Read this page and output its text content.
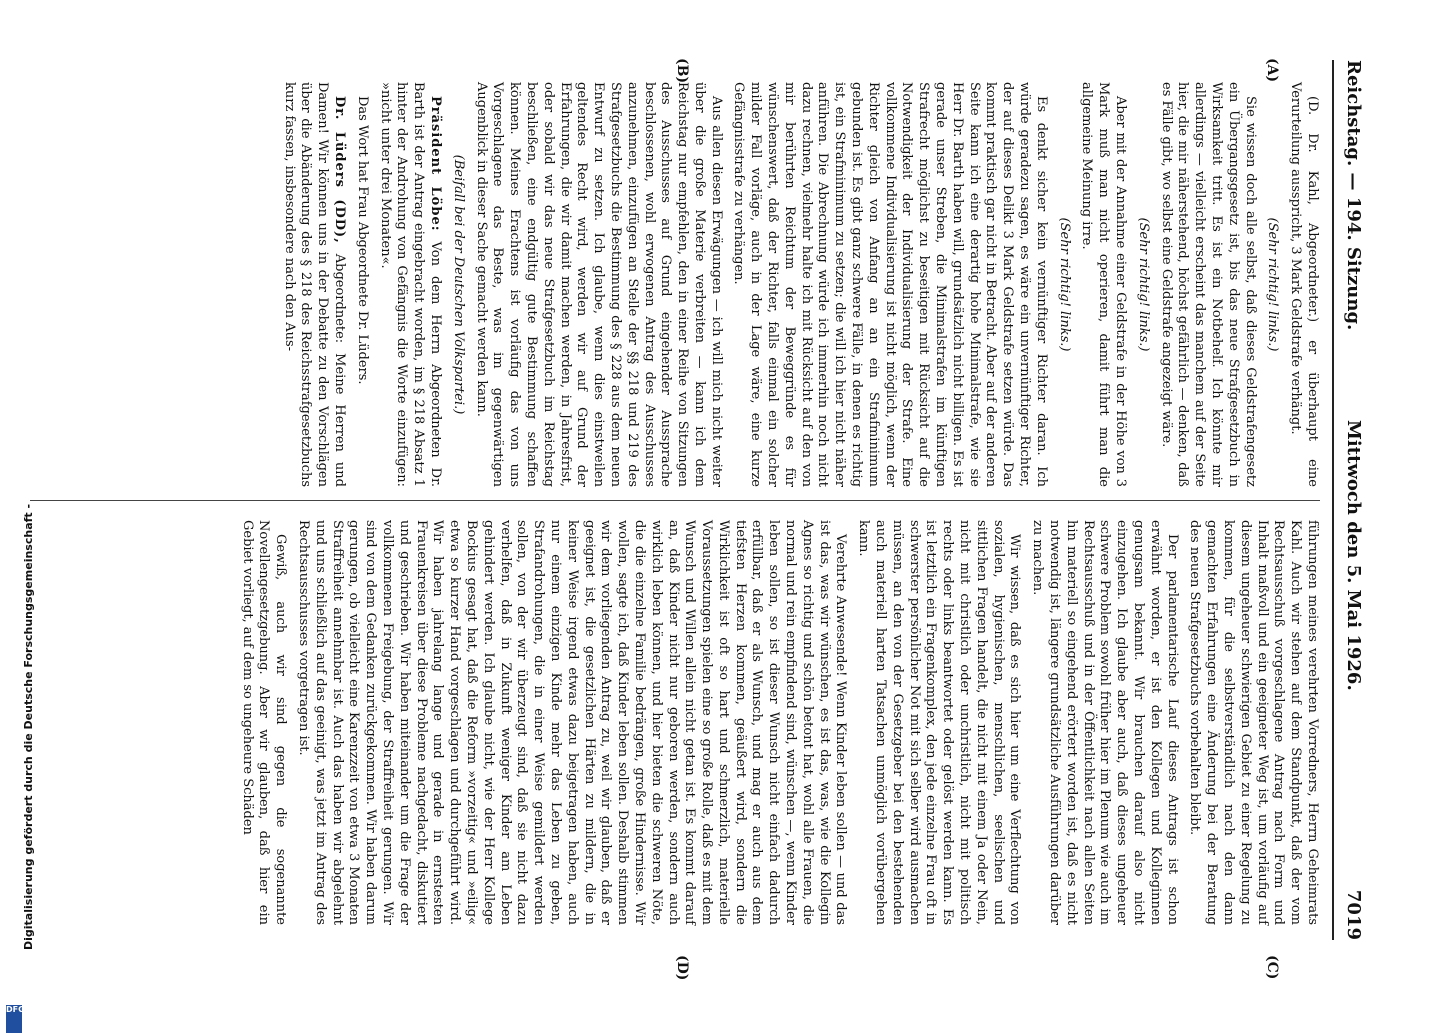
Reichstag. — 194. Sitzung.
Mittwoch den 5. Mai 1926.
7019
(A)
(B)
(C)
(D)

(D. Dr. Kahl, Abgeordneter.) er überhaupt eine Verurteilung ausspricht, 3 Mark Geldstrafe verhängt.

(Sehr richtig! links.)

Sie wissen doch alle selbst, daß dieses Geldstrafengesetz ein Übergangsgesetz ist, bis das neue Strafgesetzbuch in Wirksamkeit tritt. Es ist ein Notbehelf. Ich könnte mir allerdings — vielleicht erscheint das manchem auf der Seite hier, die mir näherstehend, höchst gefährlich — denken, daß es Fälle gibt, wo selbst eine Geldstrafe angezeigt wäre.

(Sehr richtig! links.)

Aber mit der Annahme einer Geldstrafe in der Höhe von 3 Mark muß man nicht operieren, damit führt man die allgemeine Meinung irre.

(Sehr richtig! links.)

Es denkt sicher kein vernünftiger Richter daran. Ich würde geradezu sagen, es wäre ein unvernünftiger Richter, der auf dieses Delikt 3 Mark Geldstrafe setzen würde. Das kommt praktisch gar nicht in Betracht. Aber auf der anderen Seite kann ich eine derartig hohe Minimalstrafe, wie sie Herr Dr. Barth haben will, grundsätzlich nicht billigen. Es ist gerade unser Streben, die Minimalstrafen im künftigen Strafrecht möglichst zu beseitigen mit Rücksicht auf die Notwendigkeit der Individualisierung der Strafe. Eine vollkommene Individualisierung ist nicht möglich, wenn der Richter gleich von Anfang an an ein Strafminimum gebunden ist. Es gibt ganz schwere Fälle, in denen es richtig ist, ein Strafminimum zu setzen; die will ich hier nicht näher anführen. Die Abrechnung würde ich immerhin noch nicht dazu rechnen, vielmehr halte ich mit Rücksicht auf den von mir berührten Reichtum der Beweggründe es für wünschenswert, daß der Richter, falls einmal ein solcher milder Fall vorläge, auch in der Lage wäre, eine kurze Gefängnisstrafe zu verhängen.

Aus allen diesen Erwägungen — ich will mich nicht weiter über die große Materie verbreiten — kann ich dem Reichstag nur empfehlen, den in einer Reihe von Sitzungen des Ausschusses auf Grund eingehender Aussprache beschlossenen, wohl erwogenen Antrag des Ausschusses anzunehmen, einzufügen an Stelle der §§ 218 und 219 des Strafgesetzbuchs die Bestimmung des § 228 aus dem neuen Entwurf zu setzen. Ich glaube, wenn dies einstweilen geltendes Recht wird, werden wir auf Grund der Erfahrungen, die wir damit machen werden, in Jahresfrist, oder sobald wir das neue Strafgesetzbuch im Reichstag beschließen, eine endgültig gute Bestimmung schaffen können. Meines Erachtens ist vorläufig das von uns Vorgeschlagene das Beste, was im gegenwärtigen Augenblick in dieser Sache gemacht werden kann.

(Beifall bei der Deutschen Volkspartei.)

Präsident Löbe: Von dem Herrn Abgeordneten Dr. Barth ist der Antrag eingebracht worden, im § 218 Absatz 1 hinter der Androhung von Gefängnis die Worte einzufügen: »nicht unter drei Monaten«.

Das Wort hat Frau Abgeordnete Dr. Lüders.

Dr. Lüders (DD), Abgeordnete: Meine Herren und Damen! Wir können uns in der Debatte zu den Vorschlägen über die Abänderung des § 218 des Reichsstrafgesetzbuchs kurz fassen, insbesondere nach den Aus-

führungen meines verehrten Vorredners, Herrn Geheimrats Kahl. Auch wir stehen auf dem Standpunkt, daß der vom Rechtsausschuß vorgeschlagene Antrag nach Form und Inhalt maßvoll und ein geeigneter Weg ist, um vorläufig auf diesem ungeheuer schwierigen Gebiet zu einer Regelung zu kommen, für die selbstverständlich nach den dann gemachten Erfahrungen eine Änderung bei der Beratung des neuen Strafgesetzbuchs vorbehalten bleibt.

Der parlamentarische Lauf dieses Antrags ist schon erwähnt worden, er ist den Kollegen und Kolleginnen genugsam bekannt. Wir brauchen darauf also nicht einzugehen. Ich glaube aber auch, daß dieses ungeheuer schwere Problem sowohl früher hier im Plenum wie auch im Rechtsausschuß und in der Öffentlichkeit nach allen Seiten hin materiell so eingehend erörtert worden ist, daß es nicht notwendig ist, längere grundsätzliche Ausführungen darüber zu machen.

Wir wissen, daß es sich hier um eine Verflechtung von sozialen, hygienischen, menschlichen, seelischen und sittlichen Fragen handelt, die nicht mit einem Ja oder Nein, nicht mit christlich oder unchristlich, nicht mit politisch rechts oder links beantwortet oder gelöst werden kann. Es ist letztlich ein Fragenkomplex, den jede einzelne Frau oft in schwerster persönlicher Not mit sich selber wird ausmachen müssen, an den von der Gesetzgeber bei den bestehenden auch materiell harten Tatsachen unmöglich vorübergehen kann.

Verehrte Anwesende! Wenn Kinder leben sollen — und das ist das, was wir wünschen, es ist das, was, wie die Kollegin Agnes so richtig und schön betont hat, wohl alle Frauen, die normal und rein empfindend sind, wünschen —, wenn Kinder leben sollen, so ist dieser Wunsch nicht einfach dadurch erfüllbar, daß er als Wunsch, und mag er auch aus dem tiefsten Herzen kommen, geäußert wird, sondern die Wirklichkeit ist oft so hart und schmerzlich, materielle Voraussetzungen spielen eine so große Rolle, daß es mit dem Wunsch und Willen allein nicht getan ist. Es kommt darauf an, daß Kinder nicht nur geboren werden, sondern auch wirklich leben können, und hier bieten die schweren Nöte, die die einzelne Familie bedrängen, große Hindernisse. Wir wollen, sagte ich, daß Kinder leben sollen. Deshalb stimmen wir dem vorliegenden Antrag zu, weil wir glauben, daß er geeignet ist, die gesetzlichen Härten zu mildern, die in keiner Weise irgend etwas dazu beigetragen haben, auch nur einem einzigen Kinde mehr das Leben zu geben, Strafandrohungen, die in einer Weise gemildert werden sollen, von der wir überzeugt sind, daß sie nicht dazu verhelfen, daß in Zukunft weniger Kinder am Leben gehindert werden. Ich glaube nicht, wie der Herr Kollege Bockius gesagt hat, daß die Reform »vorzeitig« und »eilig« etwa so kurzer Hand vorgeschlagen und durchgeführt wird. Wir haben jahrelang lange und gerade in ernstesten Frauenkreisen über diese Probleme nachgedacht, diskutiert und geschrieben. Wir haben miteinander um die Frage der vollkommenen Freigebung, der Straffreiheit gerungen. Wir sind von dem Gedanken zurückgekommen. Wir haben darum gerungen, ob vielleicht eine Karenzzeit von etwa 3 Monaten Straffreiheit annehmbar ist. Auch das haben wir abgelehnt und uns schließlich auf das geeinigt, was jetzt im Antrag des Rechtsausschusses vorgetragen ist.

Gewiß, auch wir sind gegen die sogenannte Novellengesetzgebung. Aber wir glauben, daß hier ein Gebiet vorliegt, auf dem so ungeheure Schäden

Digitalisierung gefördert durch die Deutsche Forschungsgemeinschaft -
DFG
